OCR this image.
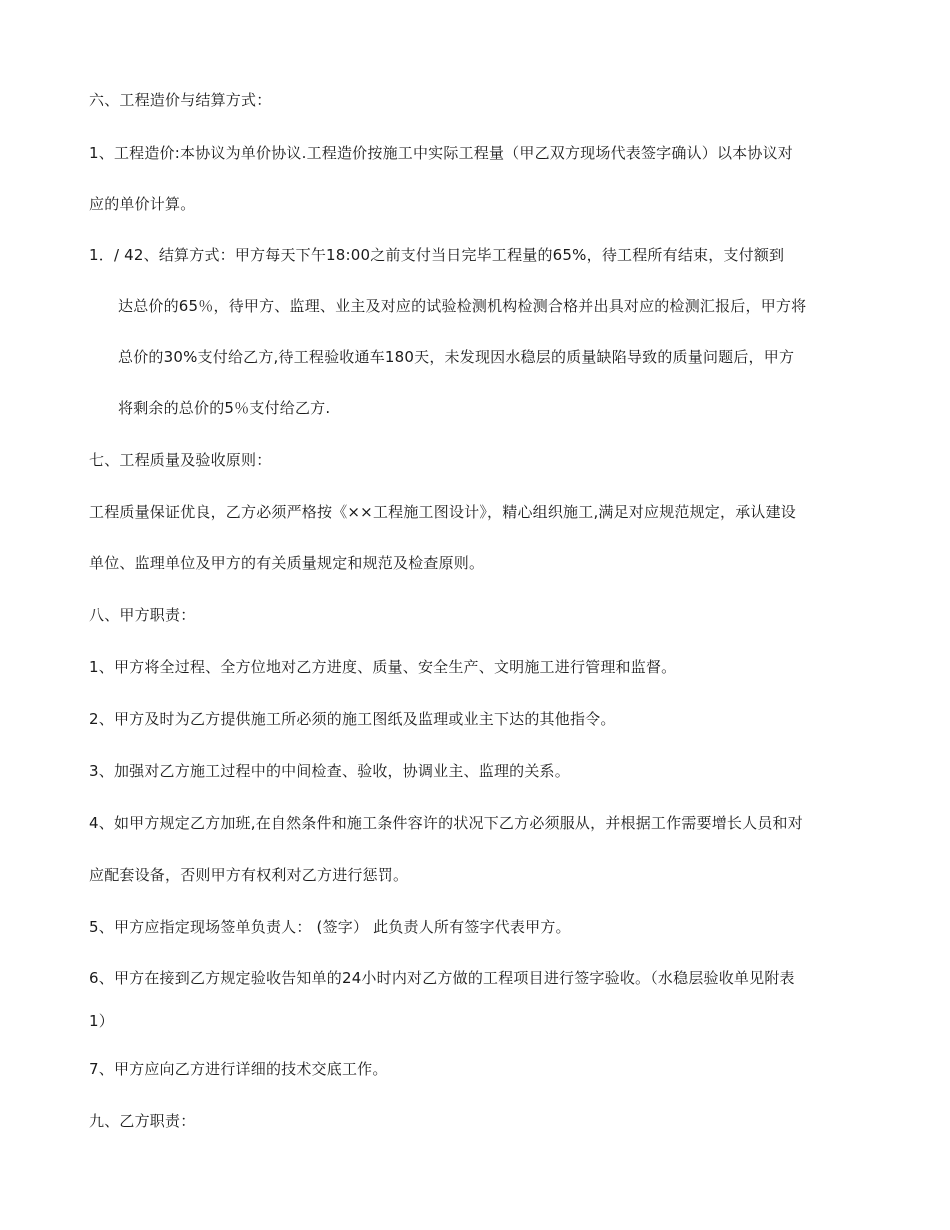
六、工程造价与结算方式：
1、工程造价:本协议为单价协议.工程造价按施工中实际工程量（甲乙双方现场代表签字确认）以本协议对
应的单价计算。
1．/ 42、结算方式：甲方每天下午18:00之前支付当日完毕工程量的65%，待工程所有结束，支付额到
达总价的65％，待甲方、监理、业主及对应的试验检测机构检测合格并出具对应的检测汇报后，甲方将
总价的30%支付给乙方,待工程验收通车180天，未发现因水稳层的质量缺陷导致的质量问题后，甲方
将剩余的总价的5％支付给乙方.
七、工程质量及验收原则：
工程质量保证优良，乙方必须严格按《××工程施工图设计》，精心组织施工,满足对应规范规定，承认建设
单位、监理单位及甲方的有关质量规定和规范及检查原则。
八、甲方职责：
1、甲方将全过程、全方位地对乙方进度、质量、安全生产、文明施工进行管理和监督。
2、甲方及时为乙方提供施工所必须的施工图纸及监理或业主下达的其他指令。
3、加强对乙方施工过程中的中间检查、验收，协调业主、监理的关系。
4、如甲方规定乙方加班,在自然条件和施工条件容许的状况下乙方必须服从，并根据工作需要增长人员和对
应配套设备，否则甲方有权利对乙方进行惩罚。
5、甲方应指定现场签单负责人： (签字） 此负责人所有签字代表甲方。
6、甲方在接到乙方规定验收告知单的24小时内对乙方做的工程项目进行签字验收。（水稳层验收单见附表
1）
7、甲方应向乙方进行详细的技术交底工作。
九、乙方职责：
